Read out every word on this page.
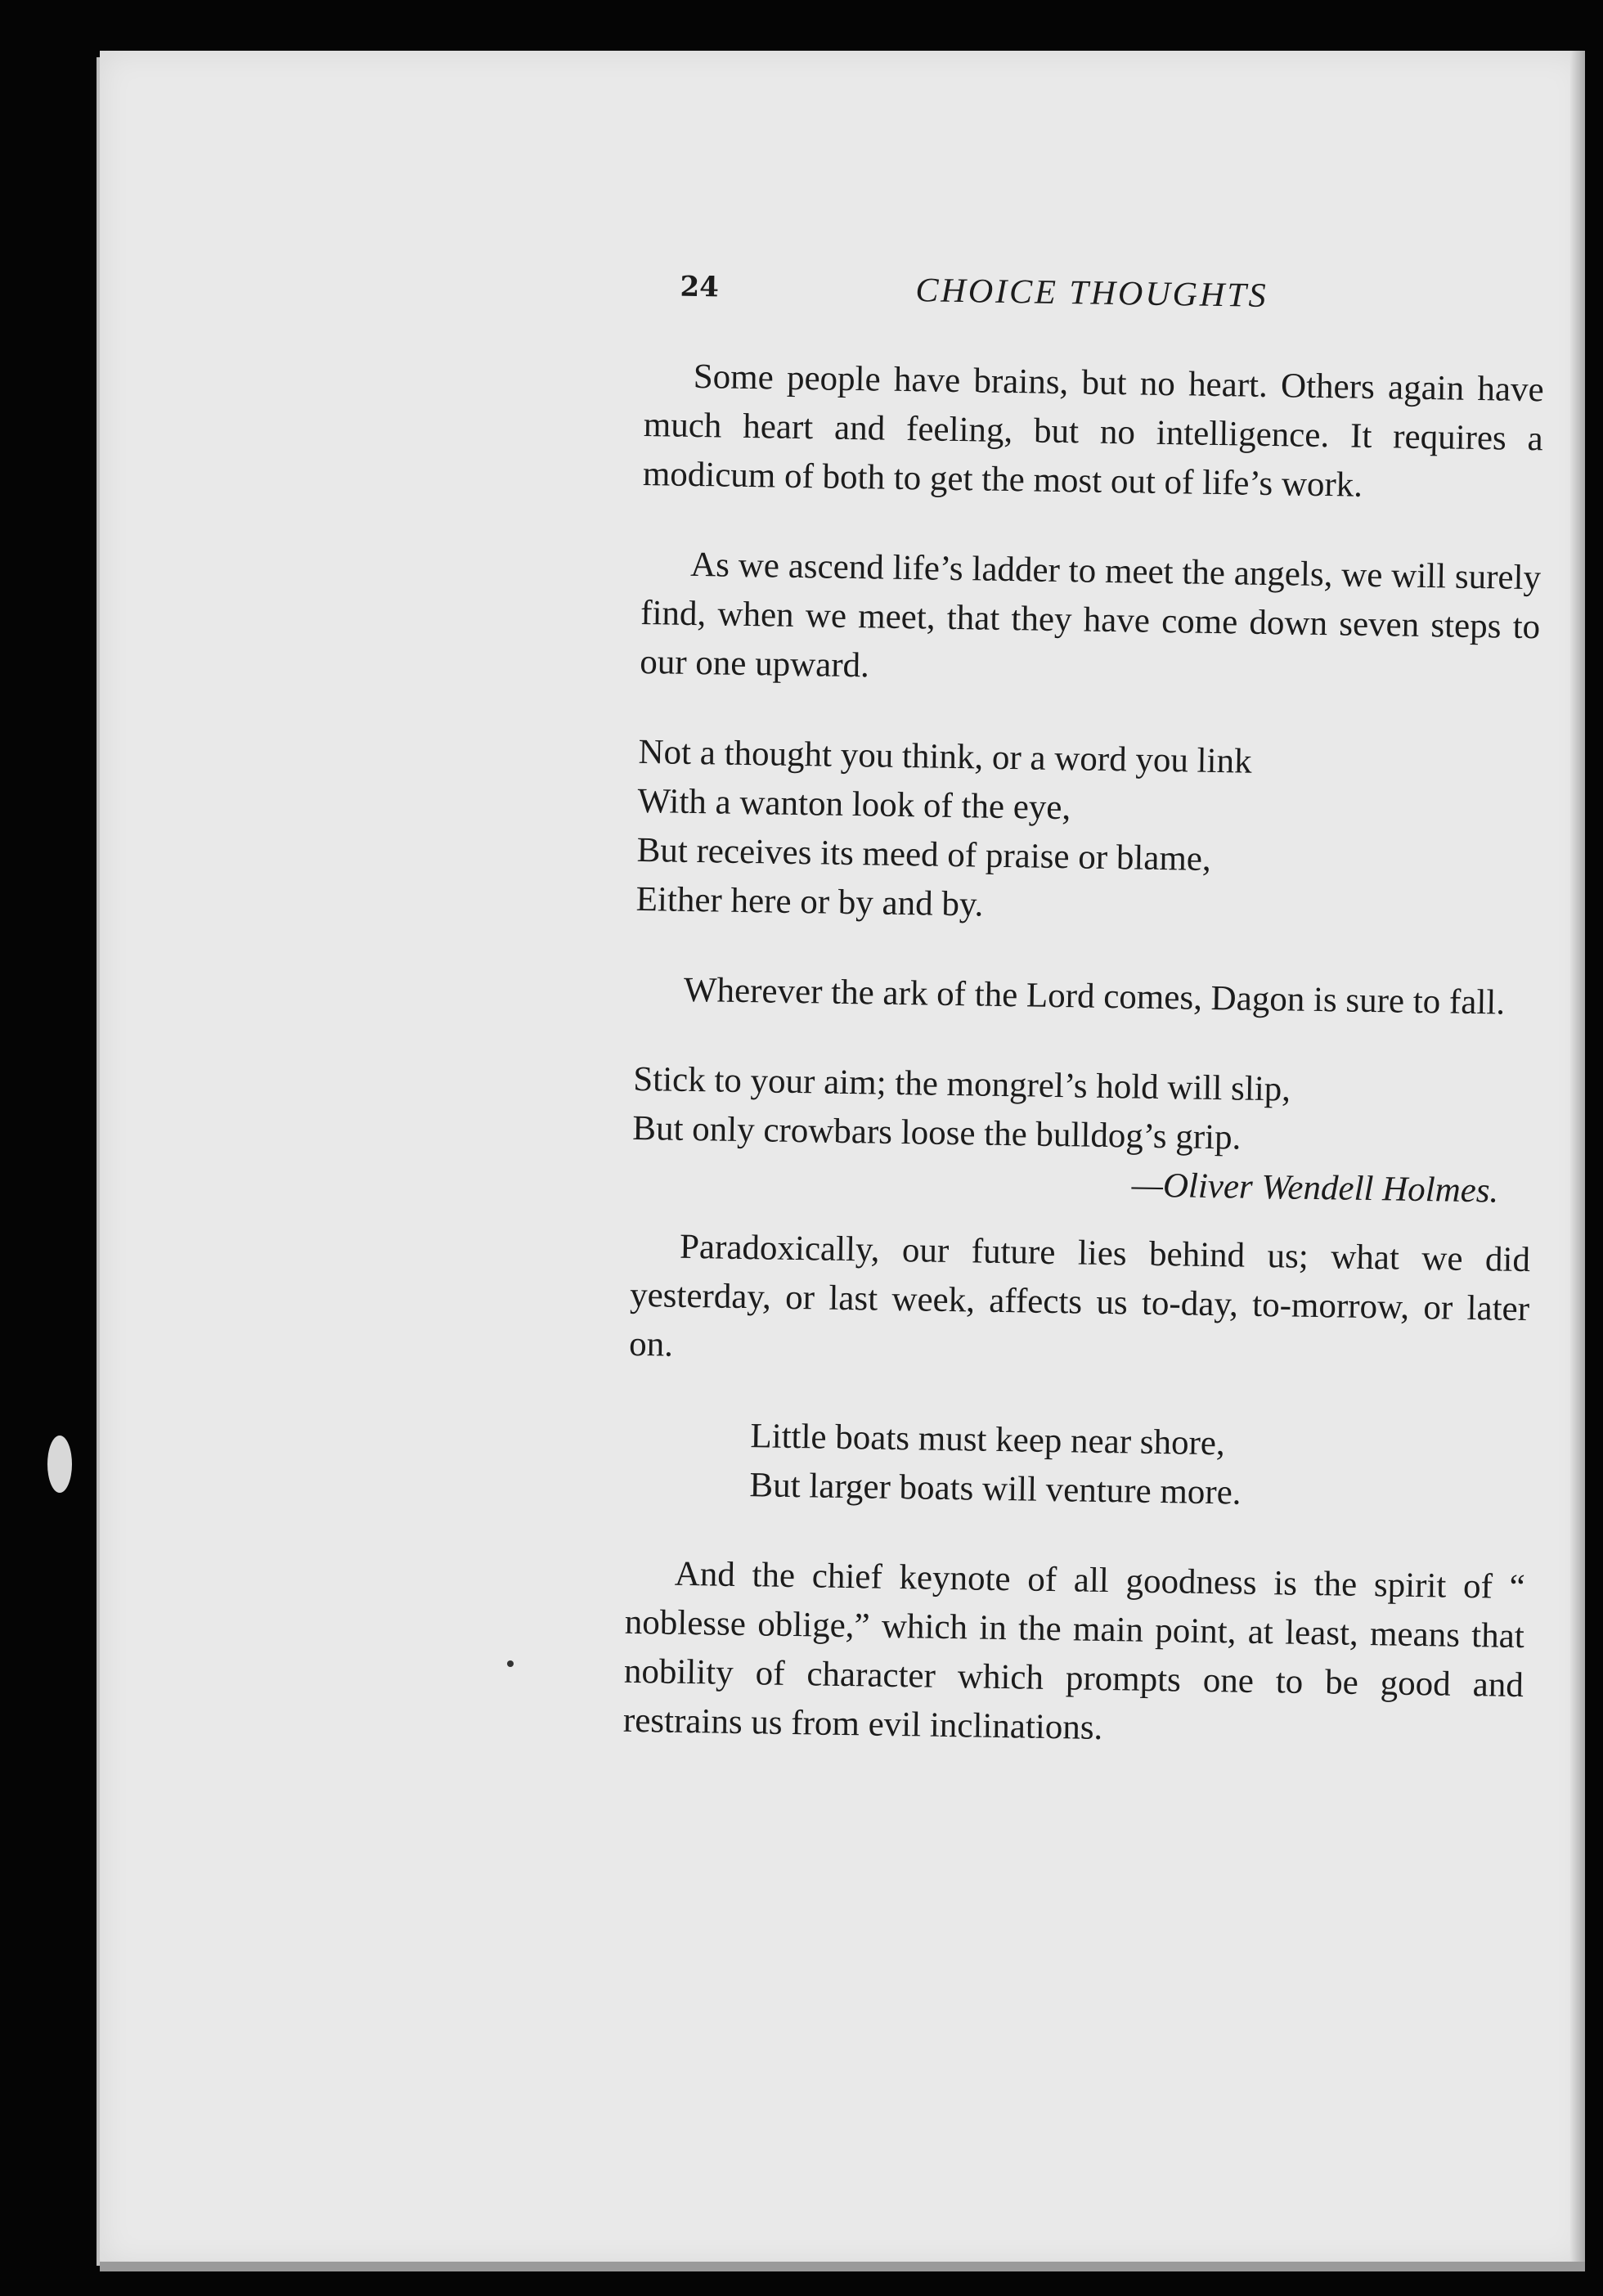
24	CHOICE THOUGHTS

Some people have brains, but no heart. Others again have much heart and feeling, but no intelligence. It requires a modicum of both to get the most out of life’s work.

As we ascend life’s ladder to meet the angels, we will surely find, when we meet, that they have come down seven steps to our one upward.

Not a thought you think, or a word you link
With a wanton look of the eye,
But receives its meed of praise or blame,
Either here or by and by.

Wherever the ark of the Lord comes, Dagon is sure to fall.

Stick to your aim; the mongrel’s hold will slip,
But only crowbars loose the bulldog’s grip.
—Oliver Wendell Holmes.

Paradoxically, our future lies behind us; what we did yesterday, or last week, affects us to-day, to-morrow, or later on.

Little boats must keep near shore,
But larger boats will venture more.

And the chief keynote of all goodness is the spirit of “ noblesse oblige,” which in the main point, at least, means that nobility of character which prompts one to be good and restrains us from evil inclinations.
